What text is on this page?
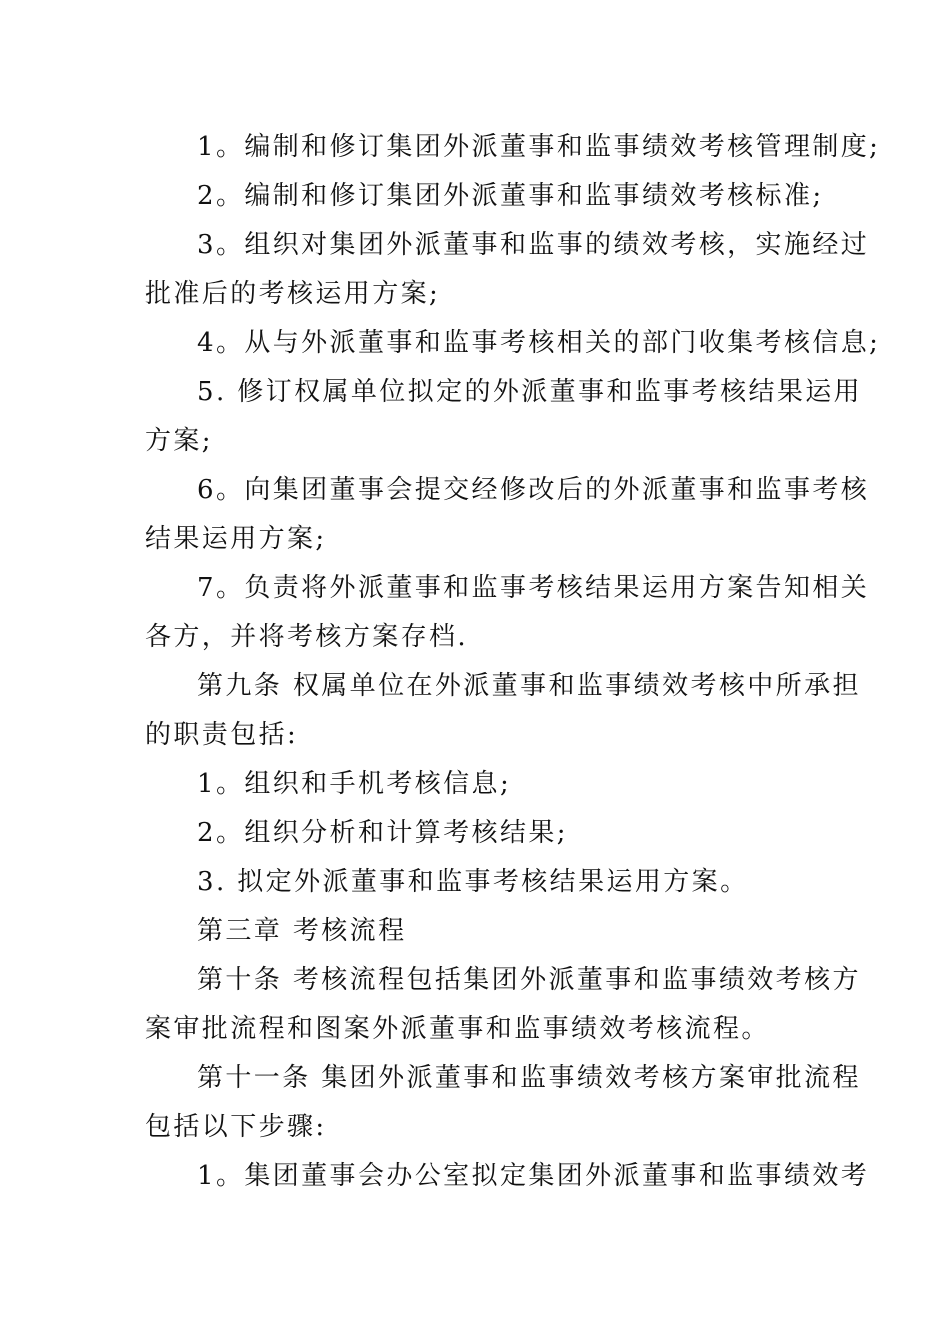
1。编制和修订集团外派董事和监事绩效考核管理制度;

2。编制和修订集团外派董事和监事绩效考核标准;

3。组织对集团外派董事和监事的绩效考核，实施经过
批准后的考核运用方案;

4。从与外派董事和监事考核相关的部门收集考核信息;

5. 修订权属单位拟定的外派董事和监事考核结果运用
方案;

6。向集团董事会提交经修改后的外派董事和监事考核
结果运用方案;

7。负责将外派董事和监事考核结果运用方案告知相关
各方，并将考核方案存档.

第九条 权属单位在外派董事和监事绩效考核中所承担
的职责包括:

1。组织和手机考核信息;

2。组织分析和计算考核结果;

3. 拟定外派董事和监事考核结果运用方案。

第三章 考核流程

第十条 考核流程包括集团外派董事和监事绩效考核方
案审批流程和图案外派董事和监事绩效考核流程。

第十一条 集团外派董事和监事绩效考核方案审批流程
包括以下步骤:

1。集团董事会办公室拟定集团外派董事和监事绩效考
